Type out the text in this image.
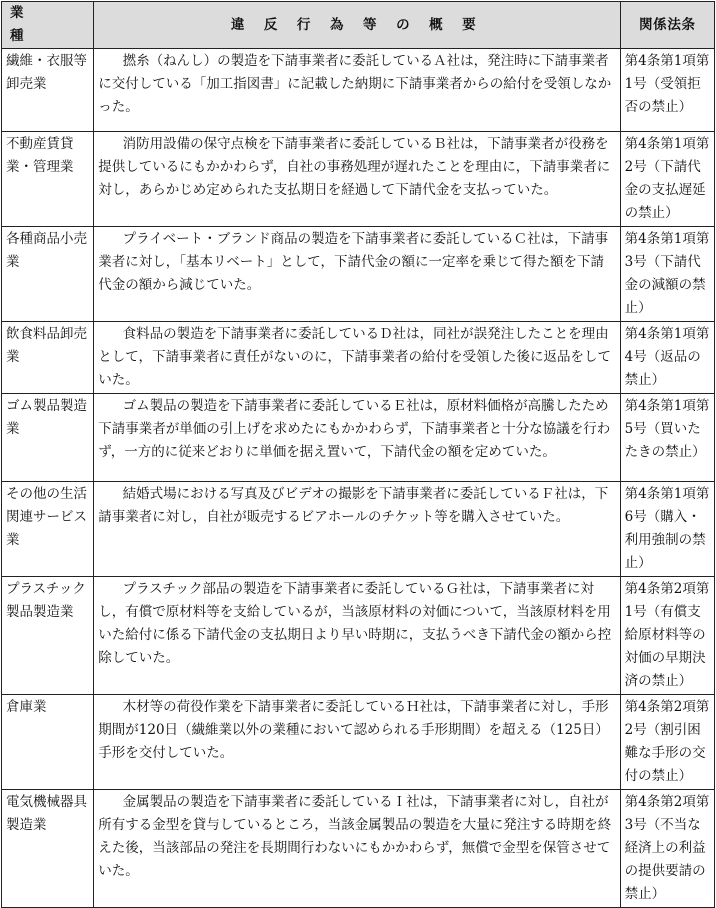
業　種	違 反 行 為 等 の 概 要	関係法条
繊維・衣服等卸売業	撚糸（ねんし）の製造を下請事業者に委託しているＡ社は，発注時に下請事業者に交付している「加工指図書」に記載した納期に下請事業者からの給付を受領しなかった。	第4条第1項第1号（受領拒否の禁止）
不動産賃貸業・管理業	消防用設備の保守点検を下請事業者に委託しているＢ社は，下請事業者が役務を提供しているにもかかわらず，自社の事務処理が遅れたことを理由に，下請事業者に対し，あらかじめ定められた支払期日を経過して下請代金を支払っていた。	第4条第1項第2号（下請代金の支払遅延の禁止）
各種商品小売業	プライベート・ブランド商品の製造を下請事業者に委託しているＣ社は，下請事業者に対し，「基本リベート」として，下請代金の額に一定率を乗じて得た額を下請代金の額から減じていた。	第4条第1項第3号（下請代金の減額の禁止）
飲食料品卸売業	食料品の製造を下請事業者に委託しているＤ社は，同社が誤発注したことを理由として，下請事業者に責任がないのに，下請事業者の給付を受領した後に返品をしていた。	第4条第1項第4号（返品の禁止）
ゴム製品製造業	ゴム製品の製造を下請事業者に委託しているＥ社は，原材料価格が高騰したため下請事業者が単価の引上げを求めたにもかかわらず，下請事業者と十分な協議を行わず，一方的に従来どおりに単価を据え置いて，下請代金の額を定めていた。	第4条第1項第5号（買いたたきの禁止）
その他の生活関連サービス業	結婚式場における写真及びビデオの撮影を下請事業者に委託しているＦ社は，下請事業者に対し，自社が販売するビアホールのチケット等を購入させていた。	第4条第1項第6号（購入・利用強制の禁止）
プラスチック製品製造業	プラスチック部品の製造を下請事業者に委託しているＧ社は，下請事業者に対し，有償で原材料等を支給しているが，当該原材料の対価について，当該原材料を用いた給付に係る下請代金の支払期日より早い時期に，支払うべき下請代金の額から控除していた。	第4条第2項第1号（有償支給原材料等の対価の早期決済の禁止）
倉庫業	木材等の荷役作業を下請事業者に委託しているＨ社は，下請事業者に対し，手形期間が120日（繊維業以外の業種において認められる手形期間）を超える（125日）手形を交付していた。	第4条第2項第2号（割引困難な手形の交付の禁止）
電気機械器具製造業	金属製品の製造を下請事業者に委託しているＩ社は，下請事業者に対し，自社が所有する金型を貸与しているところ，当該金属製品の製造を大量に発注する時期を終えた後，当該部品の発注を長期間行わないにもかかわらず，無償で金型を保管させていた。	第4条第2項第3号（不当な経済上の利益の提供要請の禁止）
